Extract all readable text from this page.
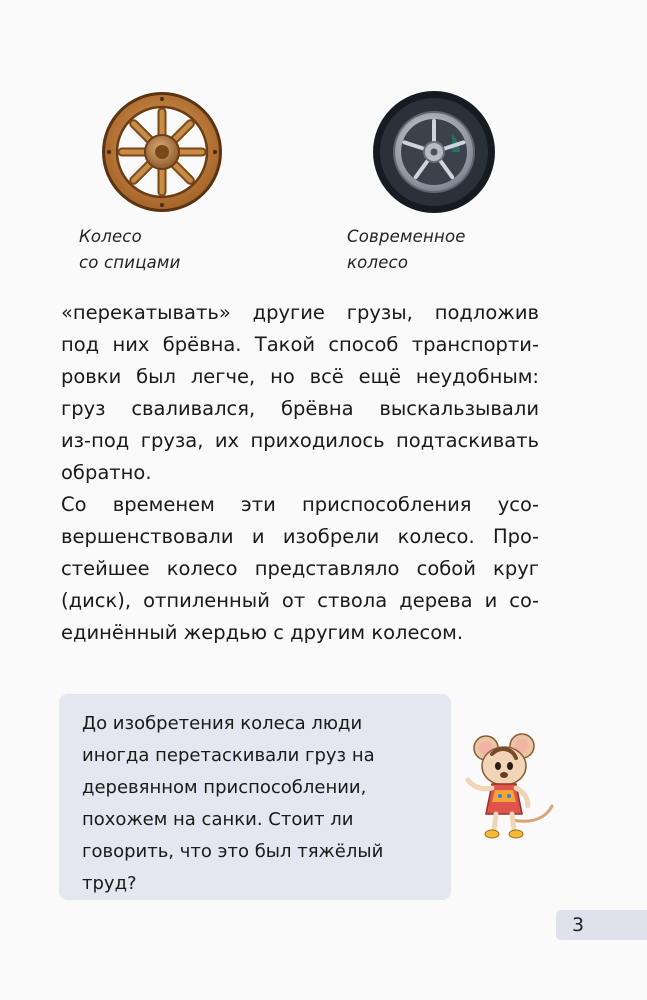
Колесо
со спицами
Современное
колесо
«перекатывать» другие грузы, подложив
под них брёвна. Такой способ транспорти-
ровки был легче, но всё ещё неудобным:
груз сваливался, брёвна выскальзывали
из-под груза, их приходилось подтаскивать
обратно.
Со временем эти приспособления усо-
вершенствовали и изобрели колесо. Про-
стейшее колесо представляло собой круг
(диск), отпиленный от ствола дерева и со-
единённый жердью с другим колесом.
До изобретения колеса люди
иногда перетаскивали груз на
деревянном приспособлении,
похожем на санки. Стоит ли
говорить, что это был тяжёлый
труд?
3
